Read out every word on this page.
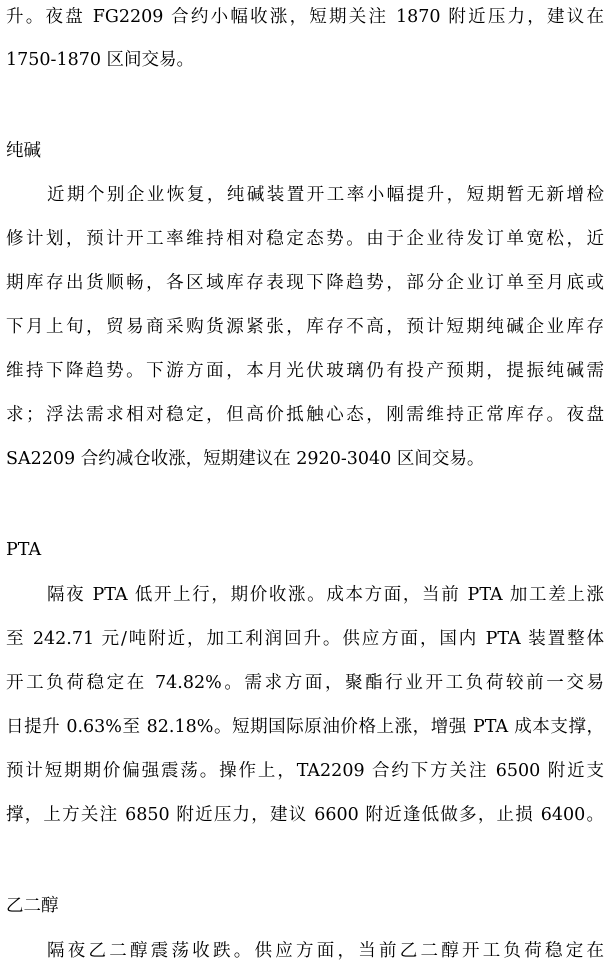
升。夜盘 FG2209 合约小幅收涨，短期关注 1870 附近压力，建议在
1750-1870 区间交易。
纯碱
近期个别企业恢复，纯碱装置开工率小幅提升，短期暂无新增检
修计划，预计开工率维持相对稳定态势。由于企业待发订单宽松，近
期库存出货顺畅，各区域库存表现下降趋势，部分企业订单至月底或
下月上旬，贸易商采购货源紧张，库存不高，预计短期纯碱企业库存
维持下降趋势。下游方面，本月光伏玻璃仍有投产预期，提振纯碱需
求；浮法需求相对稳定，但高价抵触心态，刚需维持正常库存。夜盘
SA2209 合约减仓收涨，短期建议在 2920-3040 区间交易。
PTA
隔夜 PTA 低开上行，期价收涨。成本方面，当前 PTA 加工差上涨
至 242.71 元/吨附近，加工利润回升。供应方面，国内 PTA 装置整体
开工负荷稳定在 74.82%。需求方面，聚酯行业开工负荷较前一交易
日提升 0.63%至 82.18%。短期国际原油价格上涨，增强 PTA 成本支撑，
预计短期期价偏强震荡。操作上，TA2209 合约下方关注 6500 附近支
撑，上方关注 6850 附近压力，建议 6600 附近逢低做多，止损 6400。
乙二醇
隔夜乙二醇震荡收跌。供应方面，当前乙二醇开工负荷稳定在
